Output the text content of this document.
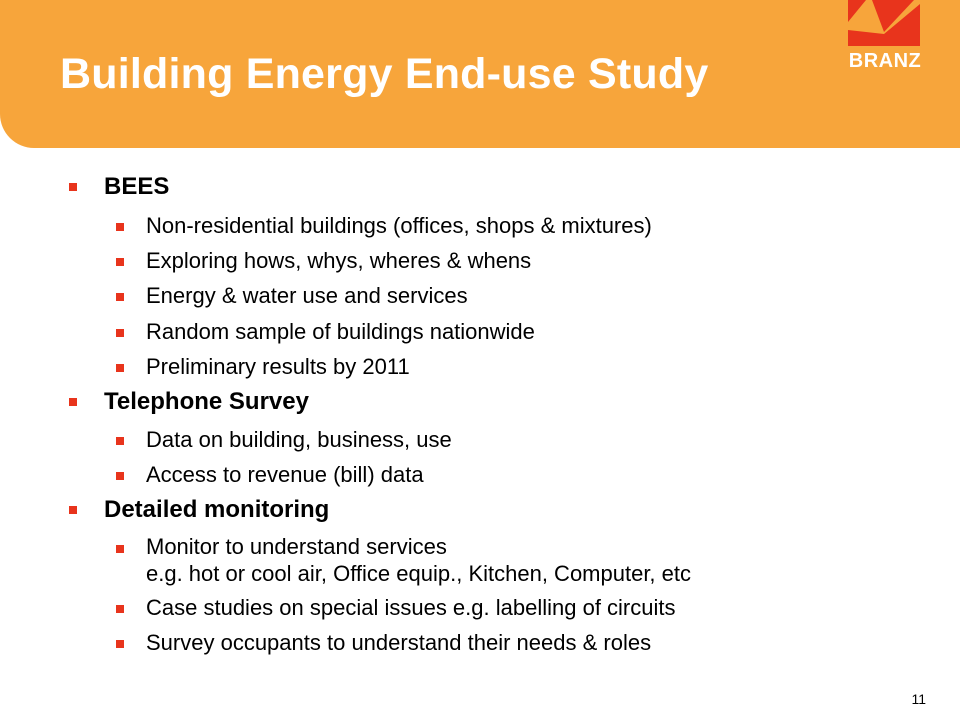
Building Energy End-use Study	BRANZ
BEES
Non-residential buildings (offices, shops & mixtures)
Exploring hows, whys, wheres & whens
Energy & water use and services
Random sample of buildings nationwide
Preliminary results by 2011
Telephone Survey
Data on building, business, use
Access to revenue (bill) data
Detailed monitoring
Monitor to understand services
e.g. hot or cool air, Office equip., Kitchen, Computer, etc
Case studies on special issues e.g. labelling of circuits
Survey occupants to understand their needs & roles
11
